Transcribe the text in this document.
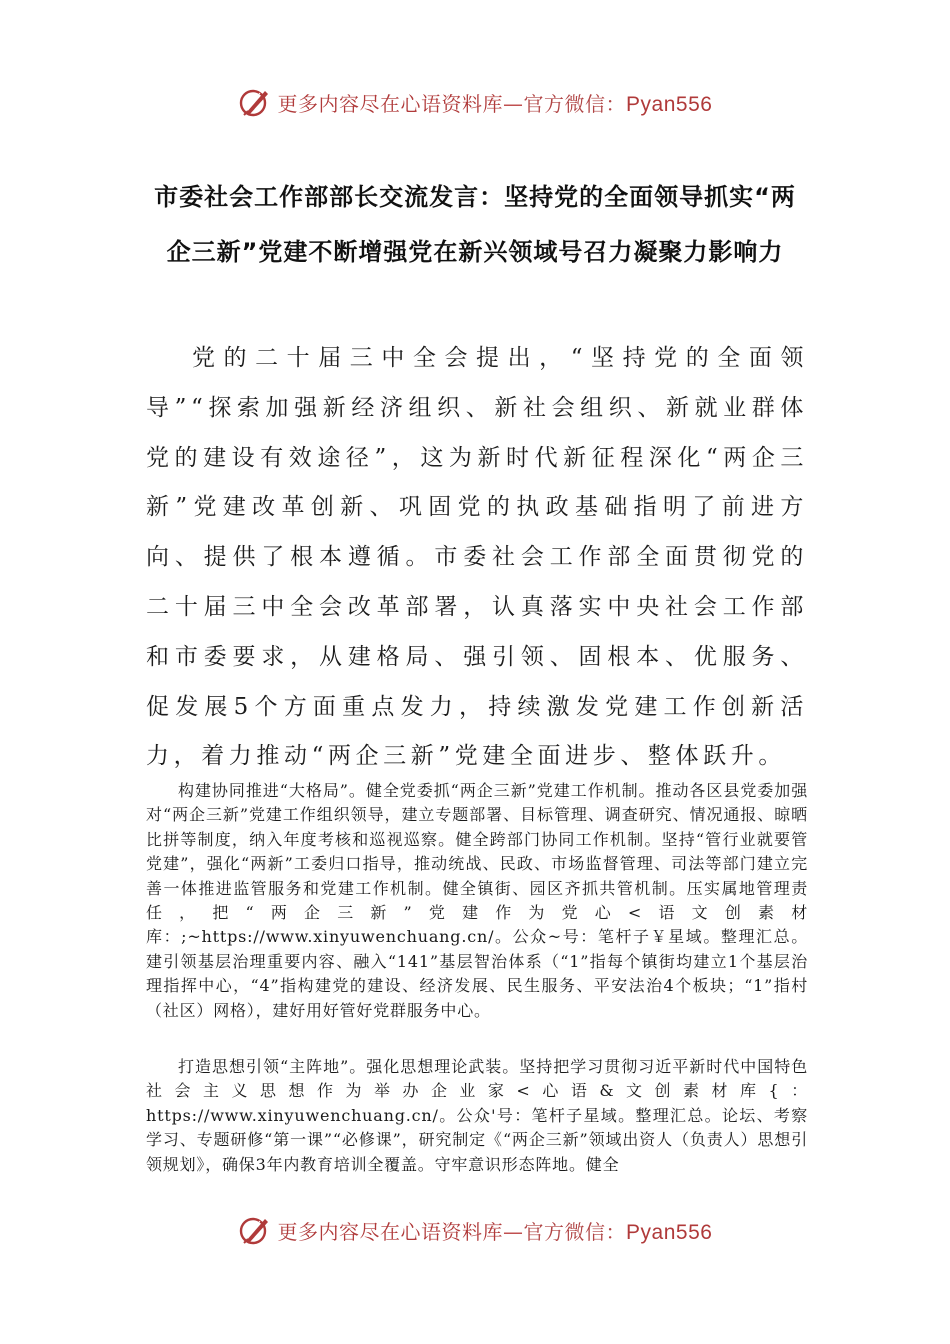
更多内容尽在心语资料库—官方微信：Pyan556
市委社会工作部部长交流发言：坚持党的全面领导抓实“两企三新”党建不断增强党在新兴领域号召力凝聚力影响力

党的二十届三中全会提出，“坚持党的全面领导”“探索加强新经济组织、新社会组织、新就业群体党的建设有效途径”，这为新时代新征程深化“两企三新”党建改革创新、巩固党的执政基础指明了前进方向、提供了根本遵循。市委社会工作部全面贯彻党的二十届三中全会改革部署，认真落实中央社会工作部和市委要求，从建格局、强引领、固根本、优服务、促发展5个方面重点发力，持续激发党建工作创新活力，着力推动“两企三新”党建全面进步、整体跃升。

构建协同推进“大格局”。健全党委抓“两企三新”党建工作机制。推动各区县党委加强对“两企三新”党建工作组织领导，建立专题部署、目标管理、调查研究、情况通报、晾晒比拼等制度，纳入年度考核和巡视巡察。健全跨部门协同工作机制。坚持“管行业就要管党建”，强化“两新”工委归口指导，推动统战、民政、市场监督管理、司法等部门建立完善一体推进监管服务和党建工作机制。健全镇街、园区齐抓共管机制。压实属地管理责任，把“两企三新”党建作为党心<语文创素材库：;~https://www.xinyuwenchuang.cn/。公众~号：笔杆子￥星域。整理汇总。建引领基层治理重要内容、融入“141”基层智治体系（“1”指每个镇街均建立1个基层治理指挥中心，“4”指构建党的建设、经济发展、民生服务、平安法治4个板块；“1”指村（社区）网格），建好用好管好党群服务中心。

打造思想引领“主阵地”。强化思想理论武装。坚持把学习贯彻习近平新时代中国特色社会主义思想作为举办企业家<心语&文创素材库{：https://www.xinyuwenchuang.cn/。公众'号：笔杆子星域。整理汇总。论坛、考察学习、专题研修“第一课”“必修课”，研究制定《“两企三新”领域出资人（负责人）思想引领规划》，确保3年内教育培训全覆盖。守牢意识形态阵地。健全

更多内容尽在心语资料库—官方微信：Pyan556
